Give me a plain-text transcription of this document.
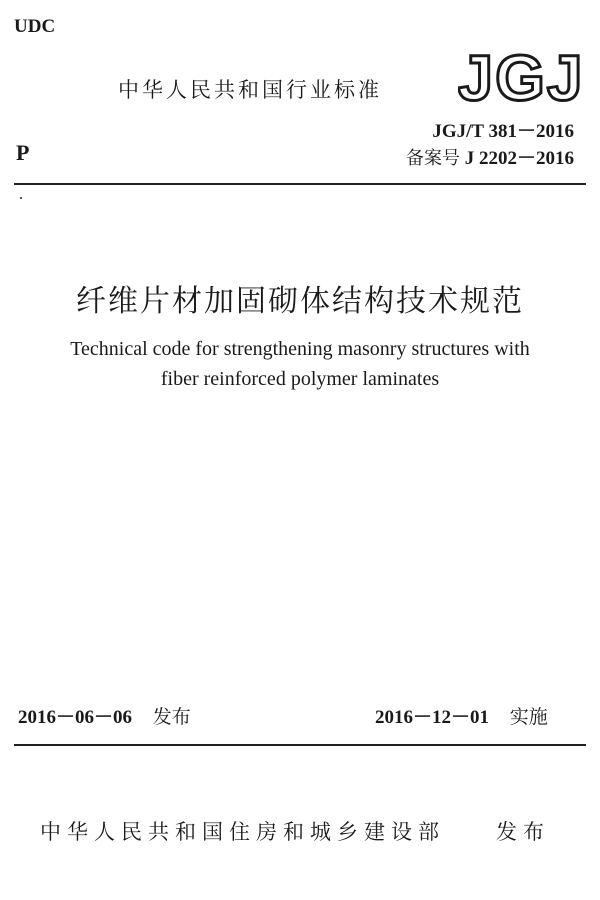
UDC
中华人民共和国行业标准 JGJ
P
JGJ/T 381－2016
备案号 J 2202－2016
纤维片材加固砌体结构技术规范
Technical code for strengthening masonry structures with
fiber reinforced polymer laminates
2016－06－06 发布	2016－12－01 实施
中华人民共和国住房和城乡建设部 发布
